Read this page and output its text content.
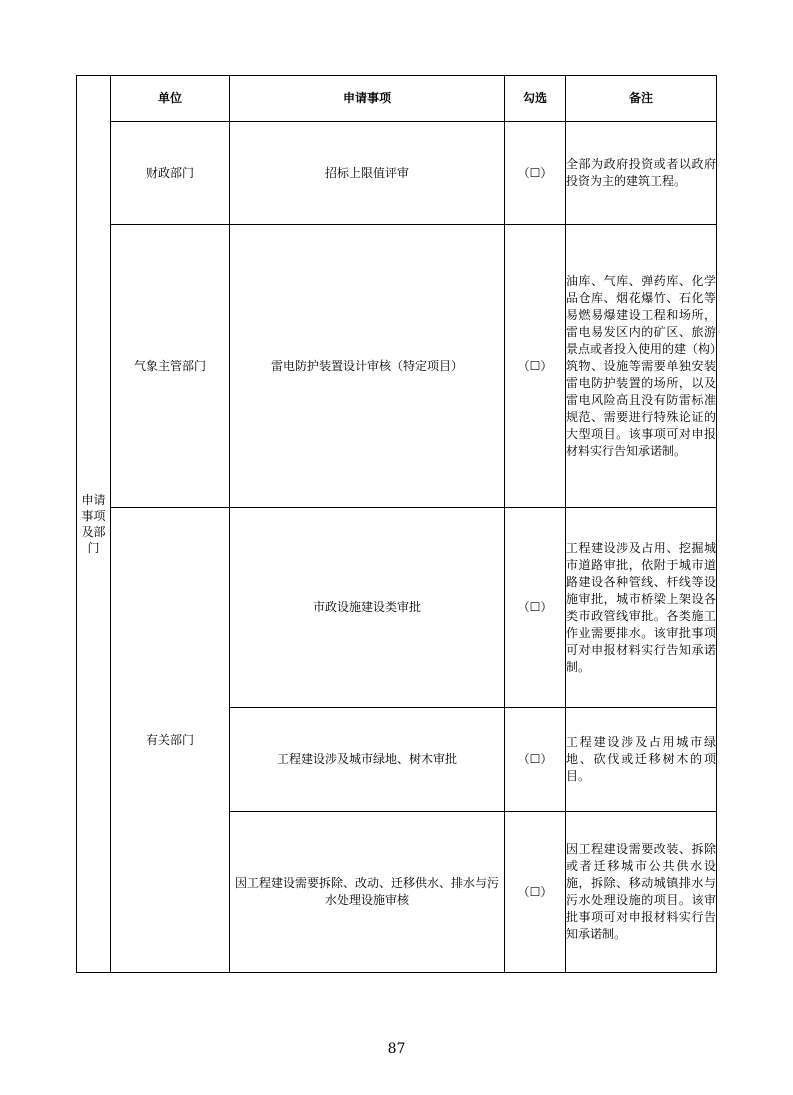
申请事项及部门	单位	申请事项	勾选	备注
	财政部门	招标上限值评审	（☐）	全部为政府投资或者以政府投资为主的建筑工程。
	气象主管部门	雷电防护装置设计审核（特定项目）	（☐）	油库、气库、弹药库、化学品仓库、烟花爆竹、石化等易燃易爆建设工程和场所，雷电易发区内的矿区、旅游景点或者投入使用的建（构）筑物、设施等需要单独安装雷电防护装置的场所，以及雷电风险高且没有防雷标准规范、需要进行特殊论证的大型项目。该事项可对申报材料实行告知承诺制。
	有关部门	市政设施建设类审批	（☐）	工程建设涉及占用、挖掘城市道路审批，依附于城市道路建设各种管线、杆线等设施审批，城市桥梁上架设各类市政管线审批。各类施工作业需要排水。该审批事项可对申报材料实行告知承诺制。
		工程建设涉及城市绿地、树木审批	（☐）	工程建设涉及占用城市绿地、砍伐或迁移树木的项目。
		因工程建设需要拆除、改动、迁移供水、排水与污水处理设施审核	（☐）	因工程建设需要改装、拆除或者迁移城市公共供水设施，拆除、移动城镇排水与污水处理设施的项目。该审批事项可对申报材料实行告知承诺制。
87
